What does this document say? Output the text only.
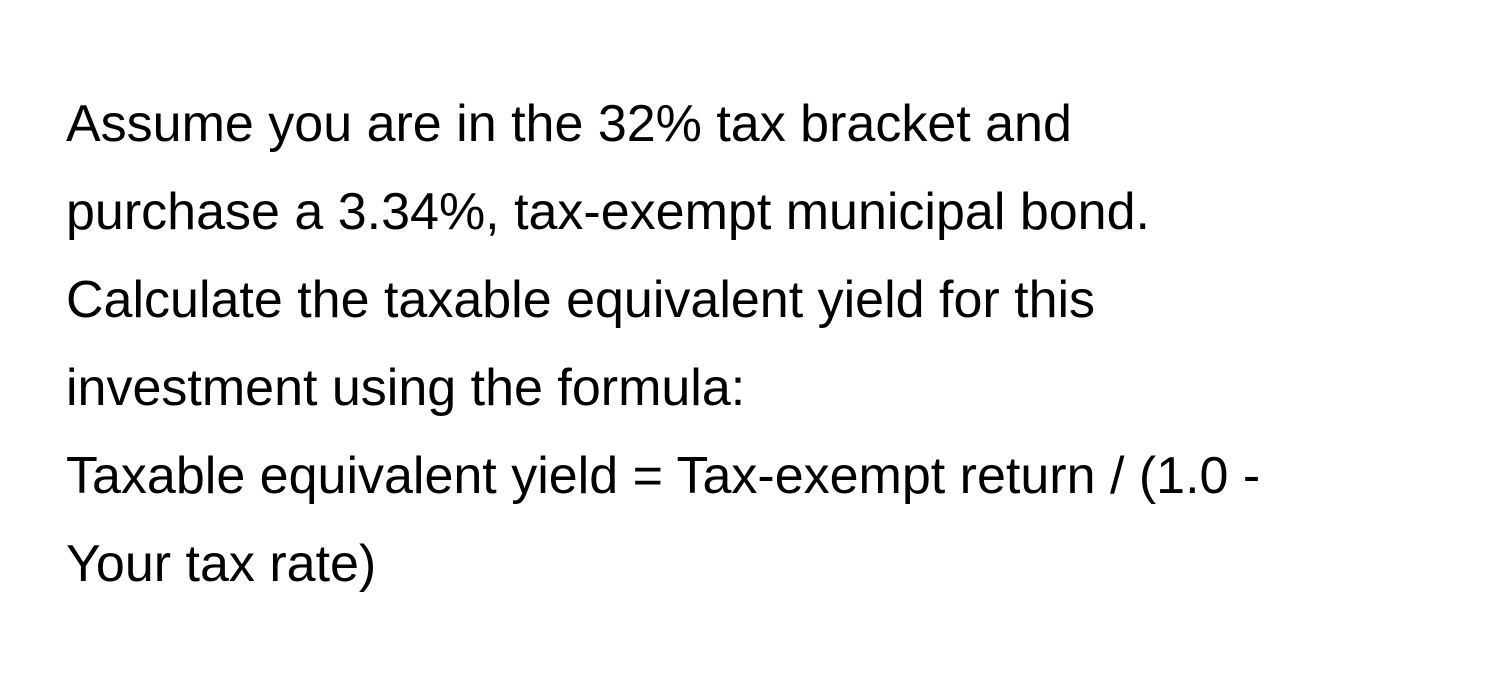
Assume you are in the 32% tax bracket and
purchase a 3.34%, tax-exempt municipal bond.
Calculate the taxable equivalent yield for this
investment using the formula:
Taxable equivalent yield = Tax-exempt return / (1.0 -
Your tax rate)
